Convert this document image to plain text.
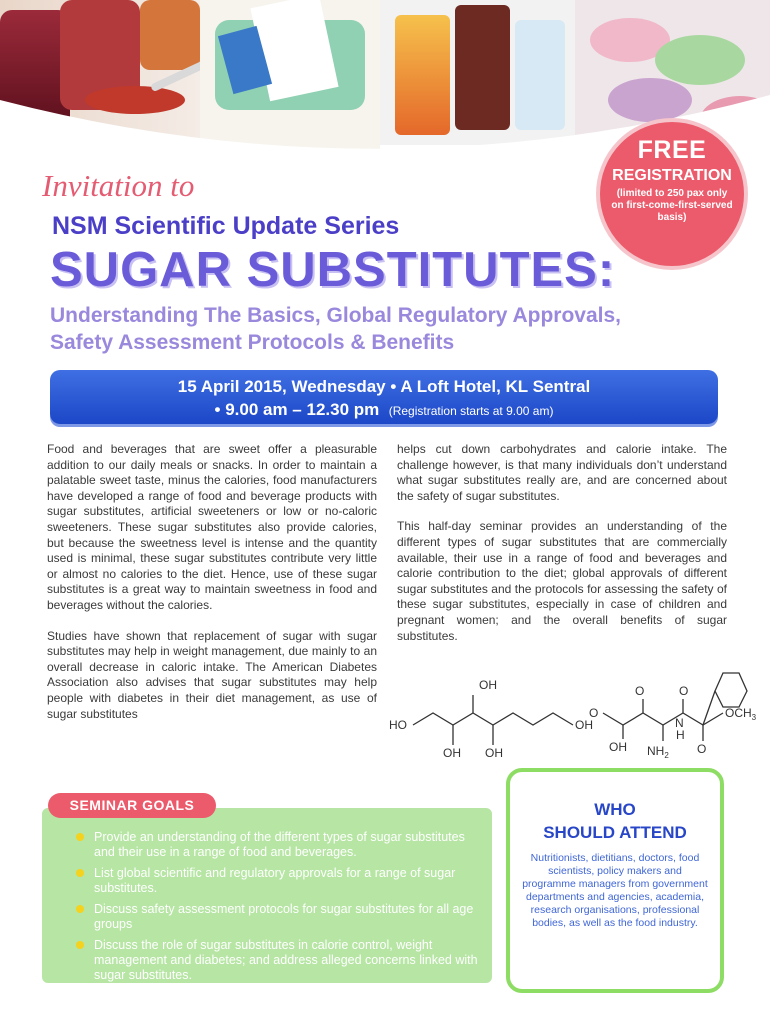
FREE
REGISTRATION
(limited to 250 pax only on first-come-first-served basis)
Invitation to
NSM Scientific Update Series
SUGAR SUBSTITUTES:
Understanding The Basics, Global Regulatory Approvals,
Safety Assessment Protocols & Benefits
15 April 2015, Wednesday • A Loft Hotel, KL Sentral
• 9.00 am – 12.30 pm (Registration starts at 9.00 am)

Food and beverages that are sweet offer a pleasurable addition to our daily meals or snacks. In order to maintain a palatable sweet taste, minus the calories, food manufacturers have developed a range of food and beverage products with sugar substitutes, artificial sweeteners or low or no-caloric sweeteners. These sugar substitutes also provide calories, but because the sweetness level is intense and the quantity used is minimal, these sugar substitutes contribute very little or almost no calories to the diet. Hence, use of these sugar substitutes is a great way to maintain sweetness in food and beverages without the calories.

Studies have shown that replacement of sugar with sugar substitutes may help in weight management, due mainly to an overall decrease in caloric intake. The American Diabetes Association also advises that sugar substitutes may help people with diabetes in their diet management, as use of sugar substitutes

helps cut down carbohydrates and calorie intake. The challenge however, is that many individuals don’t understand what sugar substitutes really are, and are concerned about the safety of sugar substitutes.

This half-day seminar provides an understanding of the different types of sugar substitutes that are commercially available, their use in a range of food and beverages and calorie contribution to the diet; global approvals of different sugar substitutes and the protocols for assessing the safety of these sugar substitutes, especially in case of children and pregnant women; and the overall benefits of sugar substitutes.

HO	OH
OH
OH OH
O
OH
O
$NH_2$
O
N
H
O
$OCH_3$
SEMINAR GOALS
Provide an understanding of the different types of sugar substitutes and their use in a range of food and beverages.
List global scientific and regulatory approvals for a range of sugar substitutes.
Discuss safety assessment protocols for sugar substitutes for all age groups
Discuss the role of sugar substitutes in calorie control, weight management and diabetes; and address alleged concerns linked with sugar substitutes.
WHO
SHOULD ATTEND
Nutritionists, dietitians, doctors, food scientists, policy makers and programme managers from government departments and agencies, academia, research organisations, professional bodies, as well as the food industry.
